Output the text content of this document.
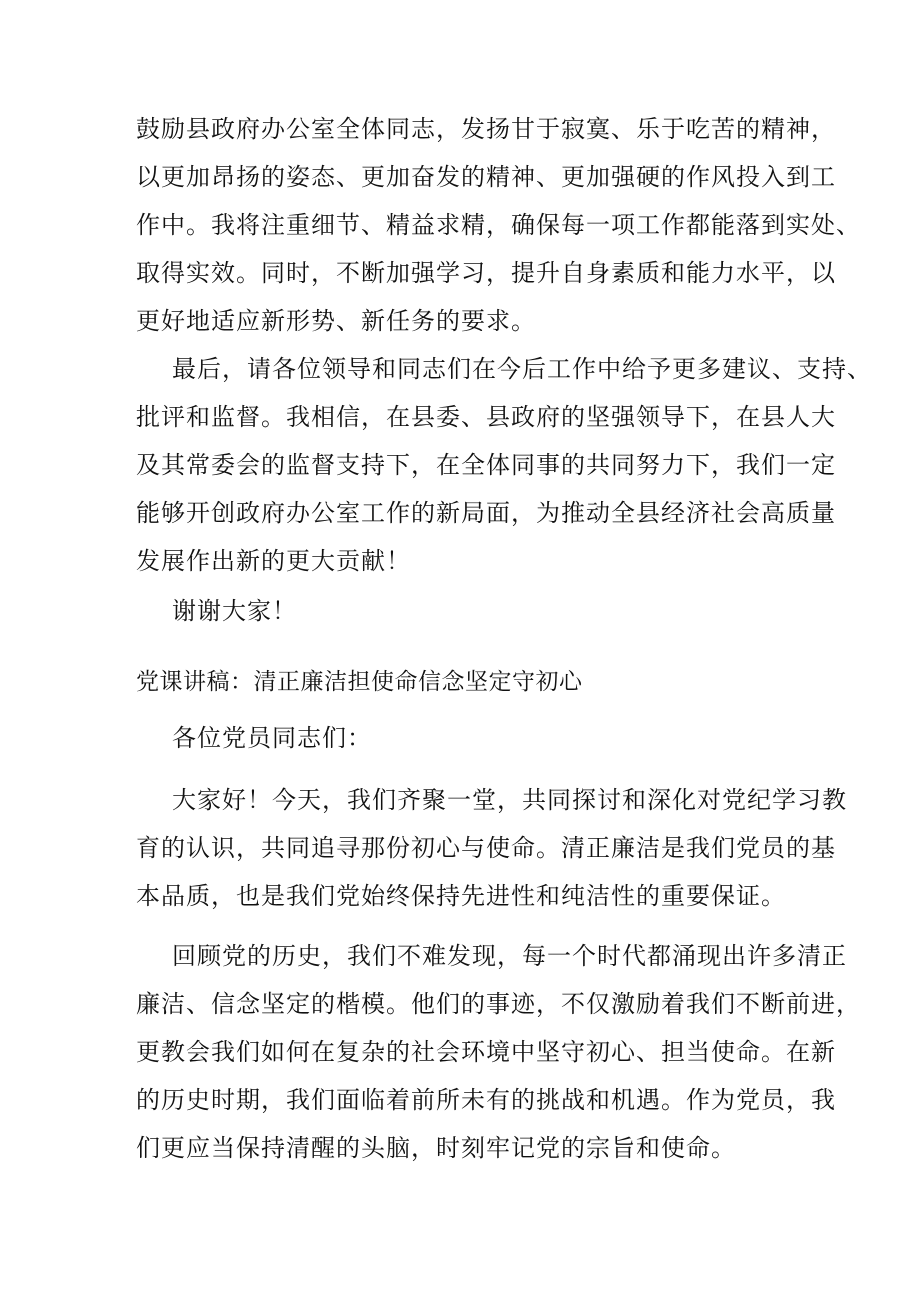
鼓励县政府办公室全体同志，发扬甘于寂寞、乐于吃苦的精神，
以更加昂扬的姿态、更加奋发的精神、更加强硬的作风投入到工
作中。我将注重细节、精益求精，确保每一项工作都能落到实处、
取得实效。同时，不断加强学习，提升自身素质和能力水平，以
更好地适应新形势、新任务的要求。
最后，请各位领导和同志们在今后工作中给予更多建议、支持、
批评和监督。我相信，在县委、县政府的坚强领导下，在县人大
及其常委会的监督支持下，在全体同事的共同努力下，我们一定
能够开创政府办公室工作的新局面，为推动全县经济社会高质量
发展作出新的更大贡献！
谢谢大家！
党课讲稿：清正廉洁担使命信念坚定守初心
各位党员同志们：
大家好！今天，我们齐聚一堂，共同探讨和深化对党纪学习教
育的认识，共同追寻那份初心与使命。清正廉洁是我们党员的基
本品质，也是我们党始终保持先进性和纯洁性的重要保证。
回顾党的历史，我们不难发现，每一个时代都涌现出许多清正
廉洁、信念坚定的楷模。他们的事迹，不仅激励着我们不断前进，
更教会我们如何在复杂的社会环境中坚守初心、担当使命。在新
的历史时期，我们面临着前所未有的挑战和机遇。作为党员，我
们更应当保持清醒的头脑，时刻牢记党的宗旨和使命。
